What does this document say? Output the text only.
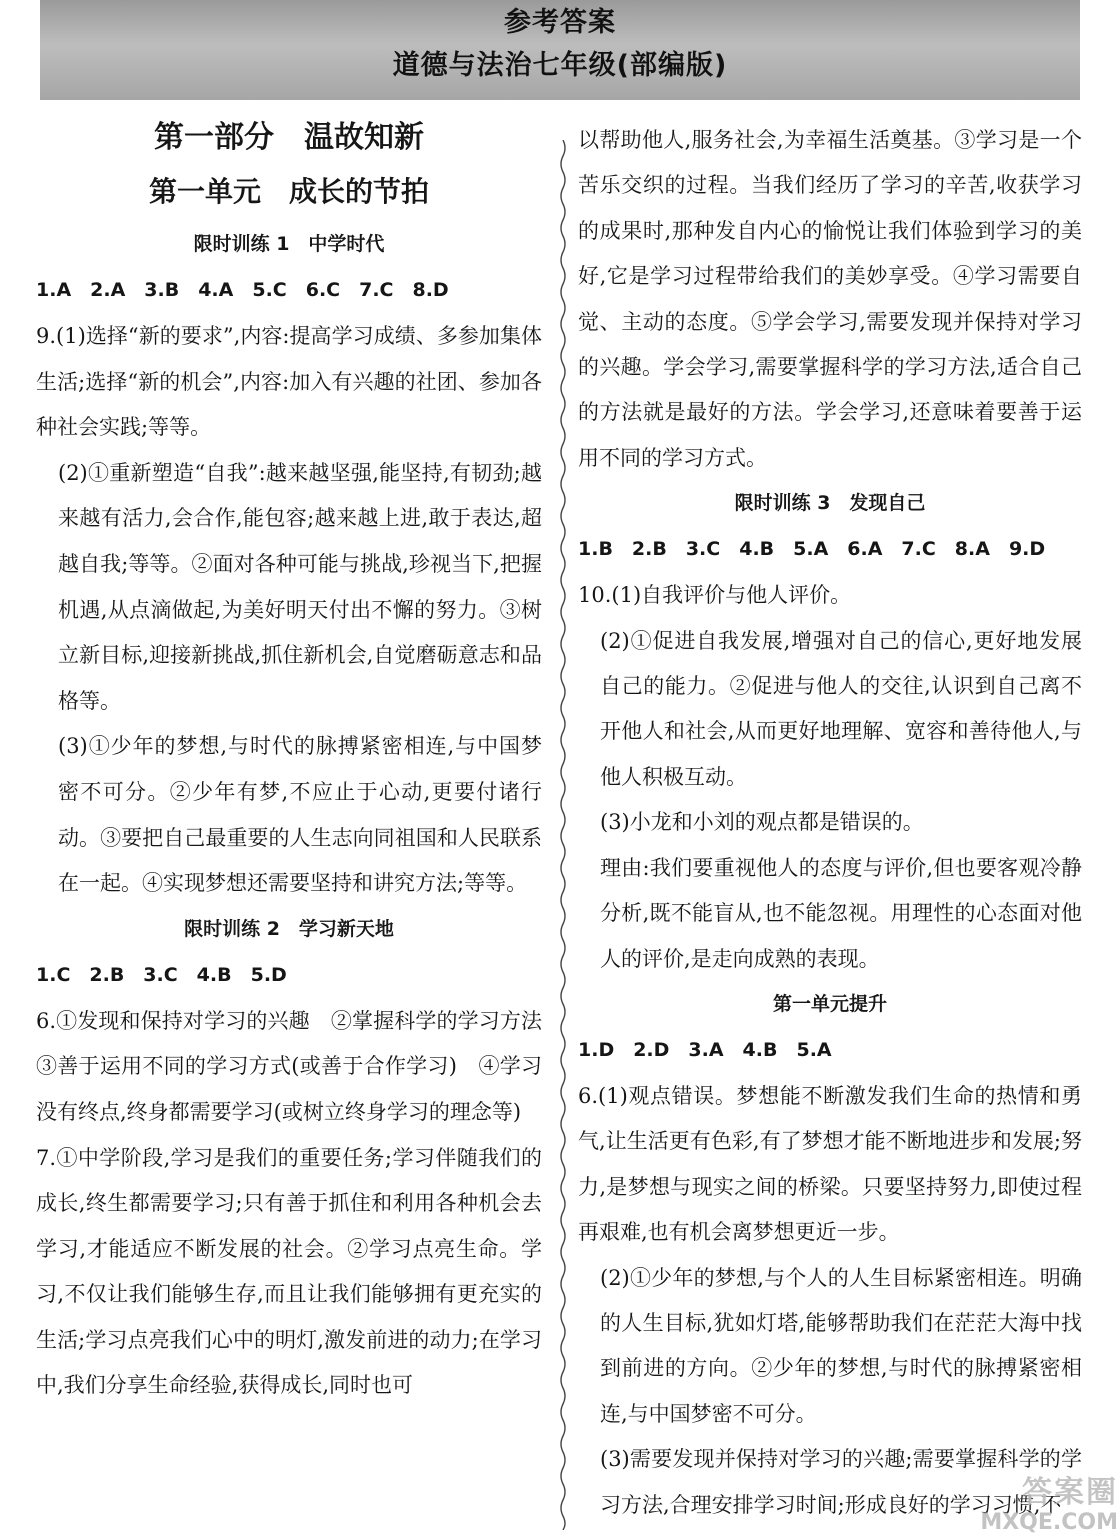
参考答案
道德与法治七年级(部编版)
第一部分　温故知新
第一单元　成长的节拍
限时训练 1　中学时代
1.A　2.A　3.B　4.A　5.C　6.C　7.C　8.D
9.(1)选择“新的要求”,内容:提高学习成绩、多参加集体生活;选择“新的机会”,内容:加入有兴趣的社团、参加各种社会实践;等等。
(2)①重新塑造“自我”:越来越坚强,能坚持,有韧劲;越来越有活力,会合作,能包容;越来越上进,敢于表达,超越自我;等等。②面对各种可能与挑战,珍视当下,把握机遇,从点滴做起,为美好明天付出不懈的努力。③树立新目标,迎接新挑战,抓住新机会,自觉磨砺意志和品格等。
(3)①少年的梦想,与时代的脉搏紧密相连,与中国梦密不可分。②少年有梦,不应止于心动,更要付诸行动。③要把自己最重要的人生志向同祖国和人民联系在一起。④实现梦想还需要坚持和讲究方法;等等。
限时训练 2　学习新天地
1.C　2.B　3.C　4.B　5.D
6.①发现和保持对学习的兴趣　②掌握科学的学习方法　③善于运用不同的学习方式(或善于合作学习)　④学习没有终点,终身都需要学习(或树立终身学习的理念等)
7.①中学阶段,学习是我们的重要任务;学习伴随我们的成长,终生都需要学习;只有善于抓住和利用各种机会去学习,才能适应不断发展的社会。②学习点亮生命。学习,不仅让我们能够生存,而且让我们能够拥有更充实的生活;学习点亮我们心中的明灯,激发前进的动力;在学习中,我们分享生命经验,获得成长,同时也可
以帮助他人,服务社会,为幸福生活奠基。③学习是一个苦乐交织的过程。当我们经历了学习的辛苦,收获学习的成果时,那种发自内心的愉悦让我们体验到学习的美好,它是学习过程带给我们的美妙享受。④学习需要自觉、主动的态度。⑤学会学习,需要发现并保持对学习的兴趣。学会学习,需要掌握科学的学习方法,适合自己的方法就是最好的方法。学会学习,还意味着要善于运用不同的学习方式。
限时训练 3　发现自己
1.B　2.B　3.C　4.B　5.A　6.A　7.C　8.A　9.D
10.(1)自我评价与他人评价。
(2)①促进自我发展,增强对自己的信心,更好地发展自己的能力。②促进与他人的交往,认识到自己离不开他人和社会,从而更好地理解、宽容和善待他人,与他人积极互动。
(3)小龙和小刘的观点都是错误的。
理由:我们要重视他人的态度与评价,但也要客观冷静分析,既不能盲从,也不能忽视。用理性的心态面对他人的评价,是走向成熟的表现。
第一单元提升
1.D　2.D　3.A　4.B　5.A
6.(1)观点错误。梦想能不断激发我们生命的热情和勇气,让生活更有色彩,有了梦想才能不断地进步和发展;努力,是梦想与现实之间的桥梁。只要坚持努力,即使过程再艰难,也有机会离梦想更近一步。
(2)①少年的梦想,与个人的人生目标紧密相连。明确的人生目标,犹如灯塔,能够帮助我们在茫茫大海中找到前进的方向。②少年的梦想,与时代的脉搏紧密相连,与中国梦密不可分。
(3)需要发现并保持对学习的兴趣;需要掌握科学的学习方法,合理安排学习时间;形成良好的学习习惯,不
答案圈
MXQE.COM
